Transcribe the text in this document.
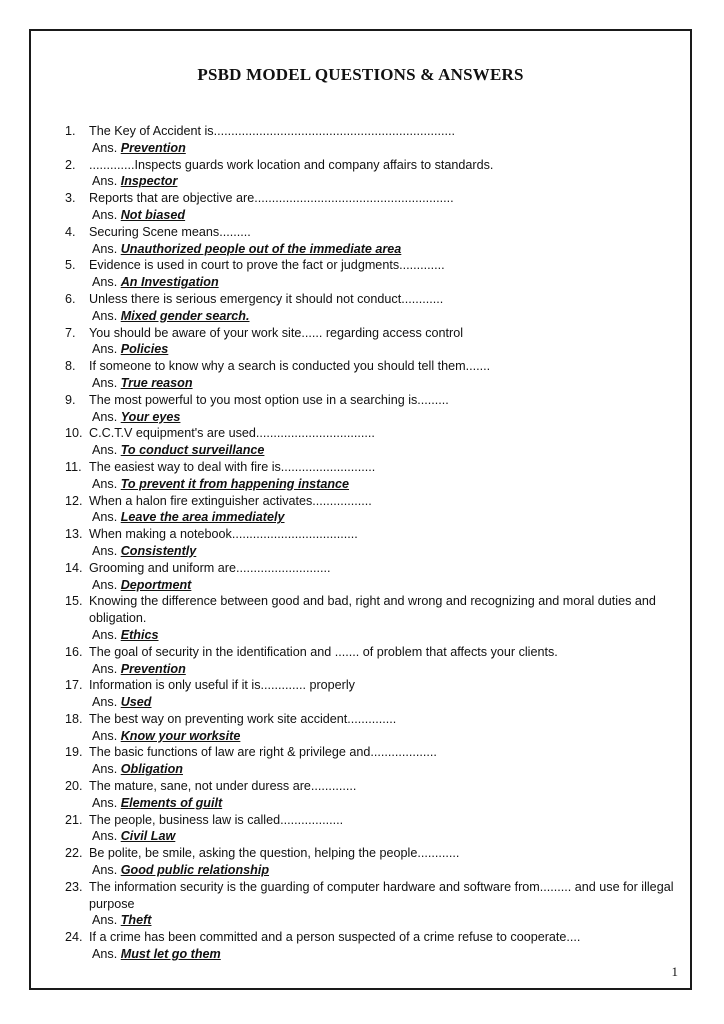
PSBD MODEL QUESTIONS & ANSWERS
1.	The Key of Accident is.....................................................................
Ans. Prevention
2.	.............Inspects guards work location and company affairs to standards.
Ans. Inspector
3.	Reports that are objective are.........................................................
Ans. Not biased
4.	Securing Scene means.........
Ans. Unauthorized people out of the immediate area
5.	Evidence is used in court to prove the fact or judgments.............
Ans. An Investigation
6.	Unless there is serious emergency it should not conduct............
Ans. Mixed gender search.
7.	You should be aware of your work site...... regarding access control
Ans. Policies
8.	If someone to know why a search is conducted you should tell them.......
Ans. True reason
9.	The most powerful to you most option use in a searching is.........
Ans. Your eyes
10. C.C.T.V equipment's are used..................................
Ans. To conduct surveillance
11. The easiest way to deal with fire is...........................
Ans. To prevent it from happening instance
12. When a halon fire extinguisher activates.................
Ans. Leave the area immediately
13. When making a notebook....................................
Ans. Consistently
14. Grooming and uniform are...........................
Ans. Deportment
15. Knowing the difference between good and bad, right and wrong and recognizing and moral duties and obligation.
Ans. Ethics
16. The goal of security in the identification and ....... of problem that affects your clients.
Ans. Prevention
17. Information is only useful if it is............. properly
Ans. Used
18. The best way on preventing work site accident..............
Ans. Know your worksite
19. The basic functions of law are right & privilege and...................
Ans. Obligation
20. The mature, sane, not under duress are.............
Ans. Elements of guilt
21. The people, business law is called..................
Ans. Civil Law
22. Be polite, be smile, asking the question, helping the people............
Ans. Good public relationship
23. The information security is the guarding of computer hardware and software from......... and use for illegal purpose
Ans. Theft
24. If a crime has been committed and a person suspected of a crime refuse to cooperate....
Ans. Must let go them
1
